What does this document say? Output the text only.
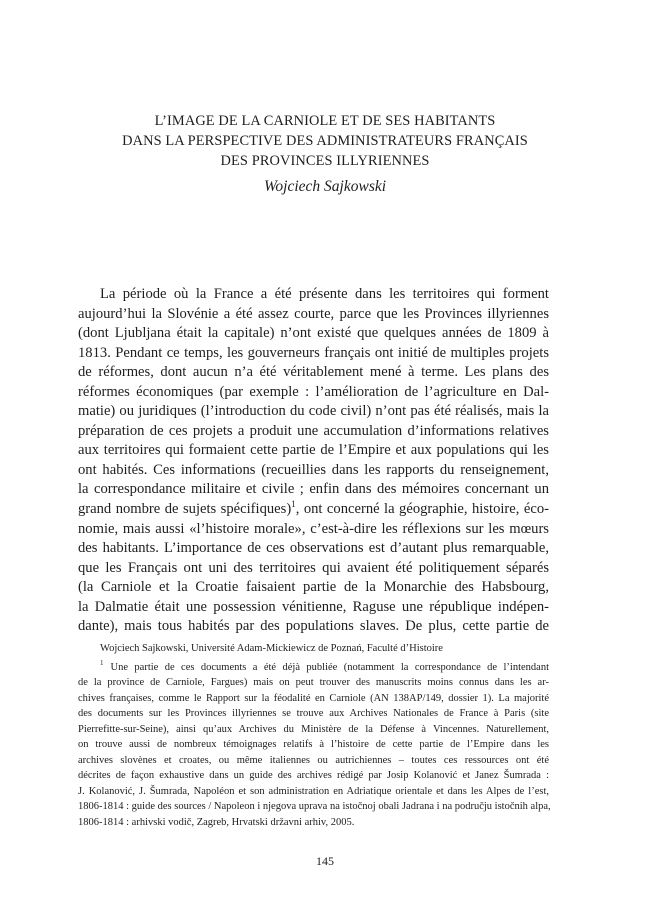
L’IMAGE DE LA CARNIOLE ET DE SES HABITANTS
DANS LA PERSPECTIVE DES ADMINISTRATEURS FRANÇAIS
DES PROVINCES ILLYRIENNES
Wojciech Sajkowski
La période où la France a été présente dans les territoires qui forment
aujourd’hui la Slovénie a été assez courte, parce que les Provinces illyriennes
(dont Ljubljana était la capitale) n’ont existé que quelques années de 1809 à
1813. Pendant ce temps, les gouverneurs français ont initié de multiples projets
de réformes, dont aucun n’a été véritablement mené à terme. Les plans des
réformes économiques (par exemple : l’amélioration de l’agriculture en Dal-
matie) ou juridiques (l’introduction du code civil) n’ont pas été réalisés, mais la
préparation de ces projets a produit une accumulation d’informations relatives
aux territoires qui formaient cette partie de l’Empire et aux populations qui les
ont habités. Ces informations (recueillies dans les rapports du renseignement,
la correspondance militaire et civile ; enfin dans des mémoires concernant un
grand nombre de sujets spécifiques)$^1$, ont concerné la géographie, histoire, éco-
nomie, mais aussi «l’histoire morale», c’est-à-dire les réflexions sur les mœurs
des habitants. L’importance de ces observations est d’autant plus remarquable,
que les Français ont uni des territoires qui avaient été politiquement séparés
(la Carniole et la Croatie faisaient partie de la Monarchie des Habsbourg,
la Dalmatie était une possession vénitienne, Raguse une république indépen-
dante), mais tous habités par des populations slaves. De plus, cette partie de
Wojciech Sajkowski, Université Adam-Mickiewicz de Poznań, Faculté d’Histoire
$^1$ Une partie de ces documents a été déjà publiée (notamment la correspondance de l’intendant
de la province de Carniole, Fargues) mais on peut trouver des manuscrits moins connus dans les ar-
chives françaises, comme le Rapport sur la féodalité en Carniole (AN 138AP/149, dossier 1). La majorité
des documents sur les Provinces illyriennes se trouve aux Archives Nationales de France à Paris (site
Pierrefitte-sur-Seine), ainsi qu’aux Archives du Ministère de la Défense à Vincennes. Naturellement,
on trouve aussi de nombreux témoignages relatifs à l’histoire de cette partie de l’Empire dans les
archives slovènes et croates, ou même italiennes ou autrichiennes – toutes ces ressources ont été
décrites de façon exhaustive dans un guide des archives rédigé par Josip Kolanović et Janez Šumrada :
J. Kolanović, J. Šumrada, Napoléon et son administration en Adriatique orientale et dans les Alpes de l’est,
1806-1814 : guide des sources / Napoleon i njegova uprava na istočnoj obali Jadrana i na području istočnih alpa,
1806-1814 : arhivski vodič, Zagreb, Hrvatski državni arhiv, 2005.
145
